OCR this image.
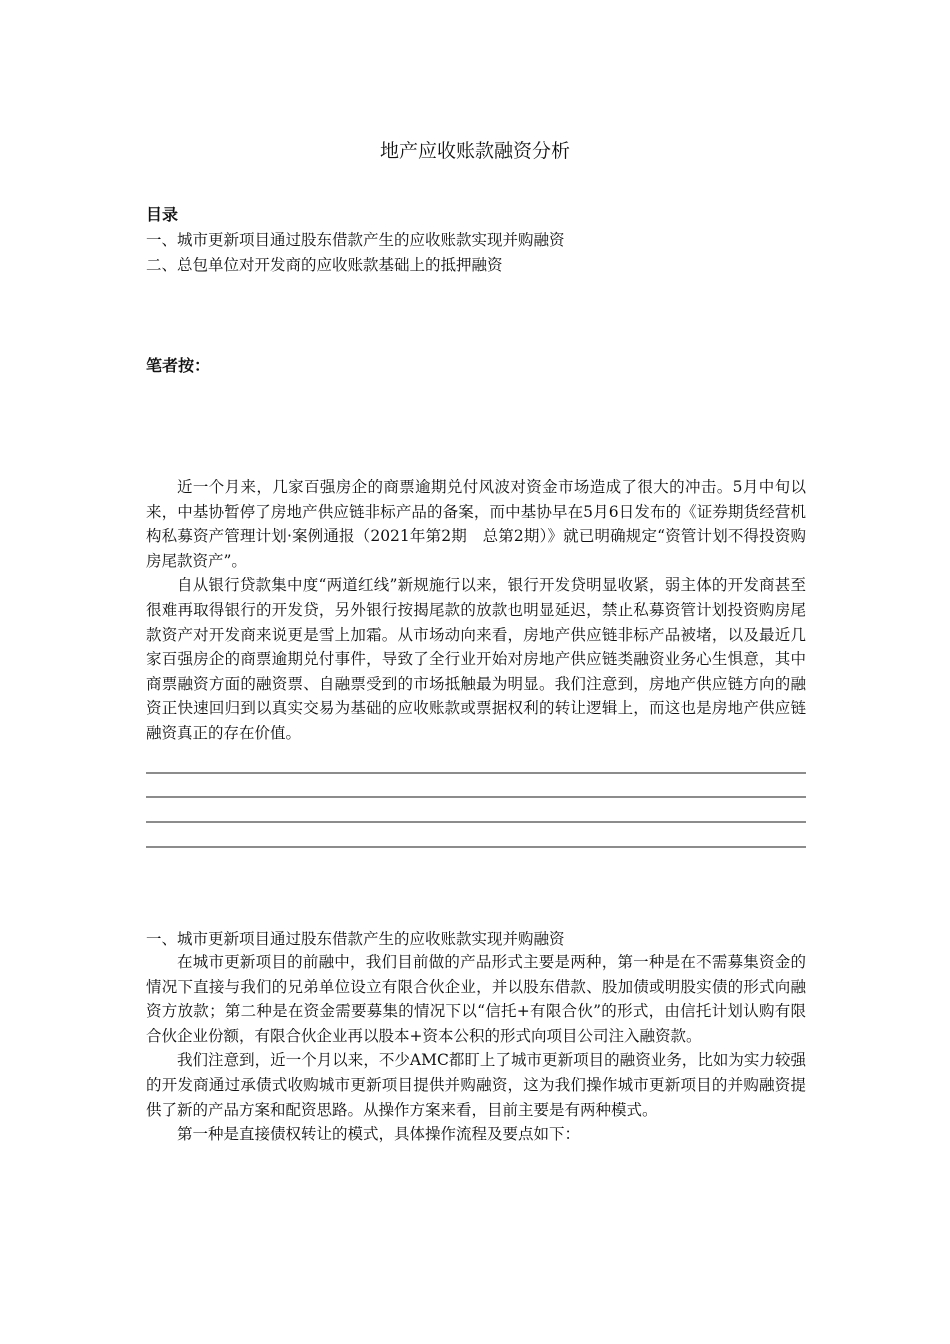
地产应收账款融资分析
目录
一、城市更新项目通过股东借款产生的应收账款实现并购融资
二、总包单位对开发商的应收账款基础上的抵押融资
笔者按：

近一个月来，几家百强房企的商票逾期兑付风波对资金市场造成了很大的冲击。5月中旬以来，中基协暂停了房地产供应链非标产品的备案，而中基协早在5月6日发布的《证券期货经营机构私募资产管理计划·案例通报（2021年第2期　总第2期）》就已明确规定“资管计划不得投资购房尾款资产”。

自从银行贷款集中度“两道红线”新规施行以来，银行开发贷明显收紧，弱主体的开发商甚至很难再取得银行的开发贷，另外银行按揭尾款的放款也明显延迟，禁止私募资管计划投资购房尾款资产对开发商来说更是雪上加霜。从市场动向来看，房地产供应链非标产品被堵，以及最近几家百强房企的商票逾期兑付事件，导致了全行业开始对房地产供应链类融资业务心生惧意，其中商票融资方面的融资票、自融票受到的市场抵触最为明显。我们注意到，房地产供应链方向的融资正快速回归到以真实交易为基础的应收账款或票据权利的转让逻辑上，而这也是房地产供应链融资真正的存在价值。

一、城市更新项目通过股东借款产生的应收账款实现并购融资

在城市更新项目的前融中，我们目前做的产品形式主要是两种，第一种是在不需募集资金的情况下直接与我们的兄弟单位设立有限合伙企业，并以股东借款、股加债或明股实债的形式向融资方放款；第二种是在资金需要募集的情况下以“信托+有限合伙”的形式，由信托计划认购有限合伙企业份额，有限合伙企业再以股本+资本公积的形式向项目公司注入融资款。

我们注意到，近一个月以来，不少AMC都盯上了城市更新项目的融资业务，比如为实力较强的开发商通过承债式收购城市更新项目提供并购融资，这为我们操作城市更新项目的并购融资提供了新的产品方案和配资思路。从操作方案来看，目前主要是有两种模式。

第一种是直接债权转让的模式，具体操作流程及要点如下：
